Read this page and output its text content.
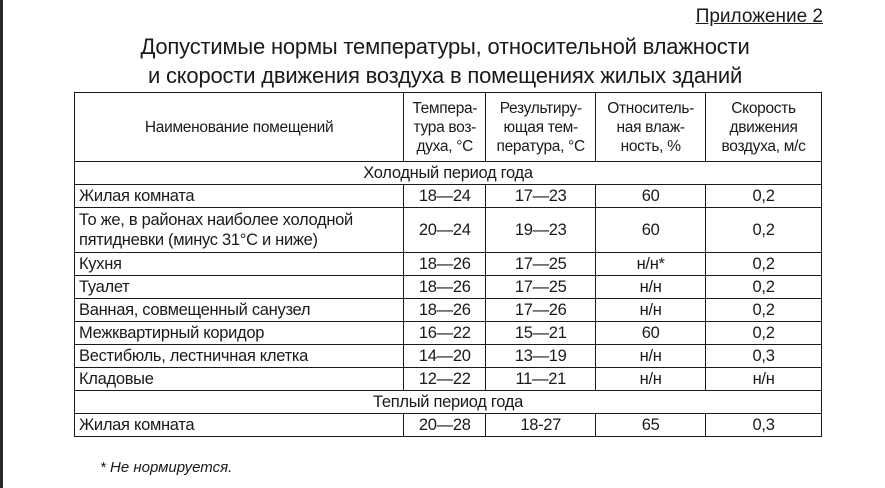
Приложение 2
Допустимые нормы температуры, относительной влажности
и скорости движения воздуха в помещениях жилых зданий
Наименование помещений	Темпера-тура воз-духа, °С	Результиру-ющая тем-пература, °С	Относитель-ная влаж-ность, %	Скорость движения воздуха, м/с
Холодный период года				
Жилая комната	18—24	17—23	60	0,2
То же, в районах наиболее холодной пятидневки (минус 31°С и ниже)	20—24	19—23	60	0,2
Кухня	18—26	17—25	н/н*	0,2
Туалет	18—26	17—25	н/н	0,2
Ванная, совмещенный санузел	18—26	17—26	н/н	0,2
Межквартирный коридор	16—22	15—21	60	0,2
Вестибюль, лестничная клетка	14—20	13—19	н/н	0,3
Кладовые	12—22	11—21	н/н	н/н
Теплый период года				
Жилая комната	20—28	18-27	65	0,3
* Не нормируется.
